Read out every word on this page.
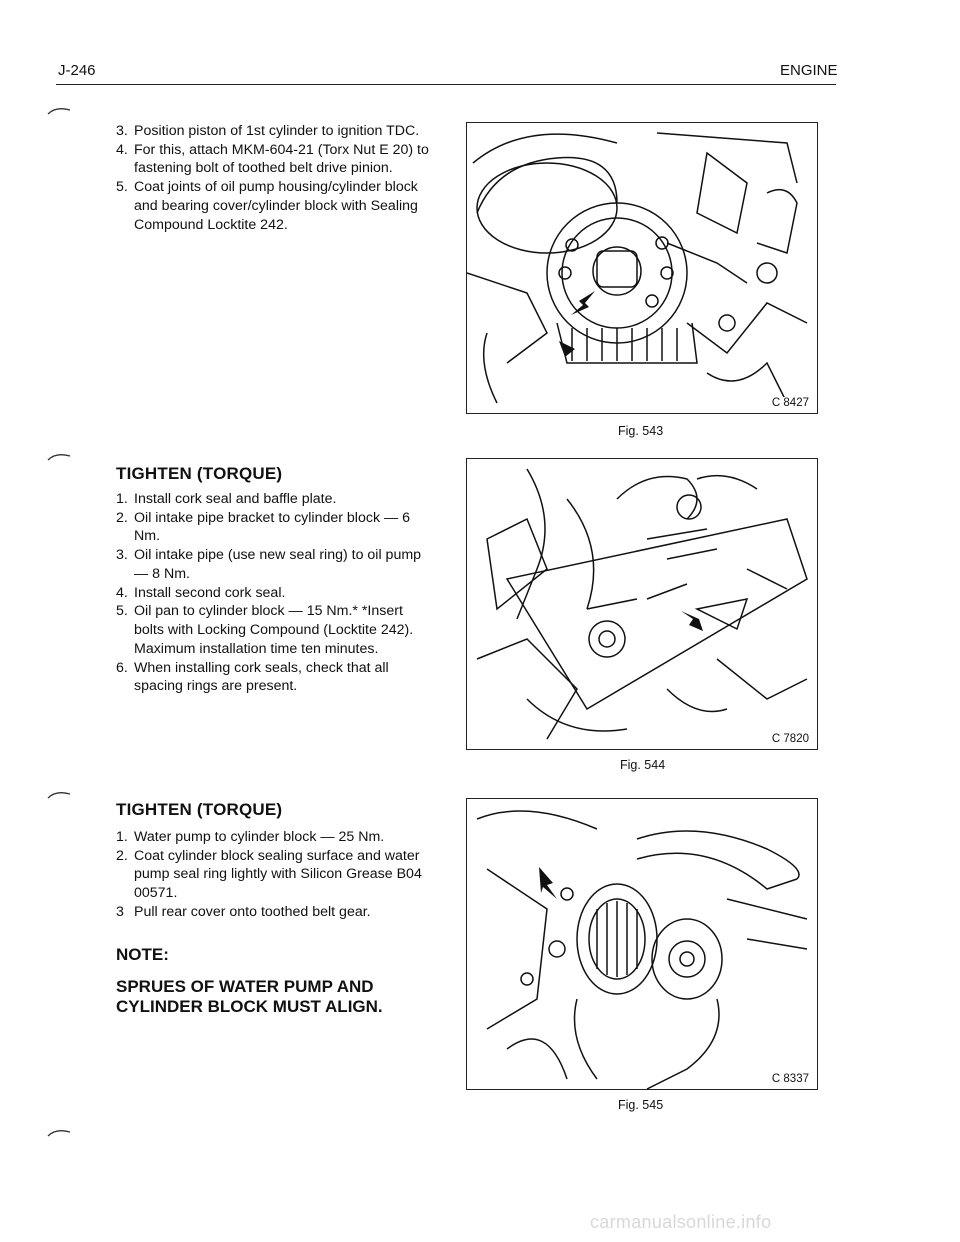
J-246	ENGINE
3. Position piston of 1st cylinder to ignition TDC.
4. For this, attach MKM-604-21 (Torx Nut E 20) to fastening bolt of toothed belt drive pinion.
5. Coat joints of oil pump housing/cylinder block and bearing cover/cylinder block with Sealing Compound Locktite 242.
TIGHTEN (TORQUE)
1. Install cork seal and baffle plate.
2. Oil intake pipe bracket to cylinder block — 6 Nm.
3. Oil intake pipe (use new seal ring) to oil pump — 8 Nm.
4. Install second cork seal.
5. Oil pan to cylinder block — 15 Nm.* *Insert bolts with Locking Compound (Locktite 242). Maximum installation time ten minutes.
6. When installing cork seals, check that all spacing rings are present.
TIGHTEN (TORQUE)
1. Water pump to cylinder block — 25 Nm.
2. Coat cylinder block sealing surface and water pump seal ring lightly with Silicon Grease B04 00571.
3 Pull rear cover onto toothed belt gear.
NOTE:
SPRUES OF WATER PUMP AND CYLINDER BLOCK MUST ALIGN.
C 8427
Fig. 543
C 7820
Fig. 544
C 8337
Fig. 545
carmanualsonline.info
